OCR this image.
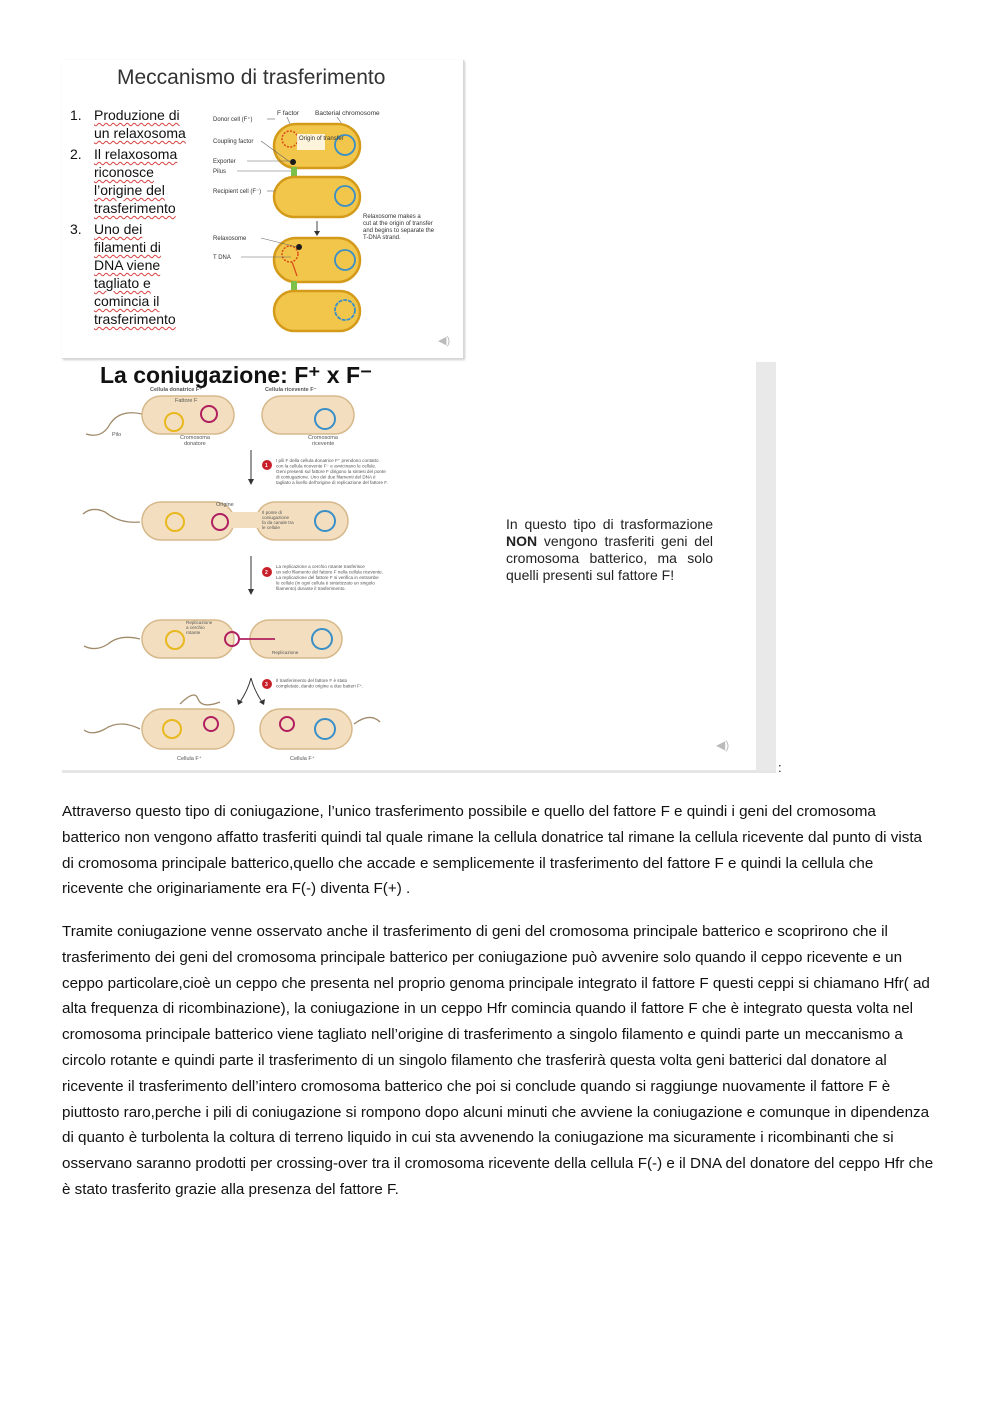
Meccanismo di trasferimento
1. Produzione di un relaxosoma
2. Il relaxosoma riconosce l’origine del trasferimento
3. Uno dei filamenti di DNA viene tagliato e comincia il trasferimento
F factor Bacterial chromosome
Origin of transfer
Donor cell (F⁺)
Coupling factor
Exporter
Pilus
Recipient cell (F⁻)
Relaxosome
T DNA
Relaxosome makes a cut at the origin of transfer and begins to separate the T-DNA strand.
◀)
La coniugazione: F⁺ x F⁻
Cellula donatrice F⁺	Cellula ricevente F⁻
Pilo
Fattore F
Cromosoma donatore
Cromosoma ricevente
1
I pili F della cellula donatrice F⁺ prendono contatto con la cellula ricevente F⁻ e avvicinano le cellule. Geni presenti sul fattore F dirigono la sintesi del ponte di coniugazione. Uno dei due filamenti del DNA è tagliato a livello dell’origine di replicazione del fattore F.
Origine
Il ponte di coniugazione fa da canale tra le cellule
2
La replicazione a cerchio rotante trasferisce un solo filamento del fattore F nella cellula ricevente. La replicazione del fattore F si verifica in entrambe le cellule (in ogni cellula è sintetizzato un singolo filamento) durante il trasferimento.
Replicazione a cerchio rotante
Replicazione
3
Il trasferimento del fattore F è stato completato, dando origine a due batteri F⁺.
Cellula F⁺	Cellula F⁺
In questo tipo di trasformazione NON vengono trasferiti geni del cromosoma batterico, ma solo quelli presenti sul fattore F!
◀)
:

Attraverso questo tipo di coniugazione, l’unico trasferimento possibile e quello del fattore F e quindi i geni del cromosoma batterico non vengono affatto trasferiti quindi tal quale rimane la cellula donatrice tal rimane la cellula ricevente dal punto di vista di cromosoma principale batterico,quello che accade e semplicemente il trasferimento del fattore F e quindi la cellula che ricevente che originariamente era F(-) diventa F(+) .

Tramite coniugazione venne osservato anche il trasferimento di geni del cromosoma principale batterico e scoprirono che il trasferimento dei geni del cromosoma principale batterico per coniugazione può avvenire solo quando il ceppo ricevente e un ceppo particolare,cioè un ceppo che presenta nel proprio genoma principale integrato il fattore F questi ceppi si chiamano Hfr( ad alta frequenza di ricombinazione), la coniugazione in un ceppo Hfr comincia quando il fattore F che è integrato questa volta nel cromosoma principale batterico viene tagliato nell’origine di trasferimento a singolo filamento e quindi parte un meccanismo a circolo rotante e quindi parte il trasferimento di un singolo filamento che trasferirà questa volta geni batterici dal donatore al ricevente il trasferimento dell’intero cromosoma batterico che poi si conclude quando si raggiunge nuovamente il fattore F è piuttosto raro,perche i pili di coniugazione si rompono dopo alcuni minuti che avviene la coniugazione e comunque in dipendenza di quanto è turbolenta la coltura di terreno liquido in cui sta avvenendo la coniugazione ma sicuramente i ricombinanti che si osservano saranno prodotti per crossing-over tra il cromosoma ricevente della cellula F(-) e il DNA del donatore del ceppo Hfr che è stato trasferito grazie alla presenza del fattore F.
